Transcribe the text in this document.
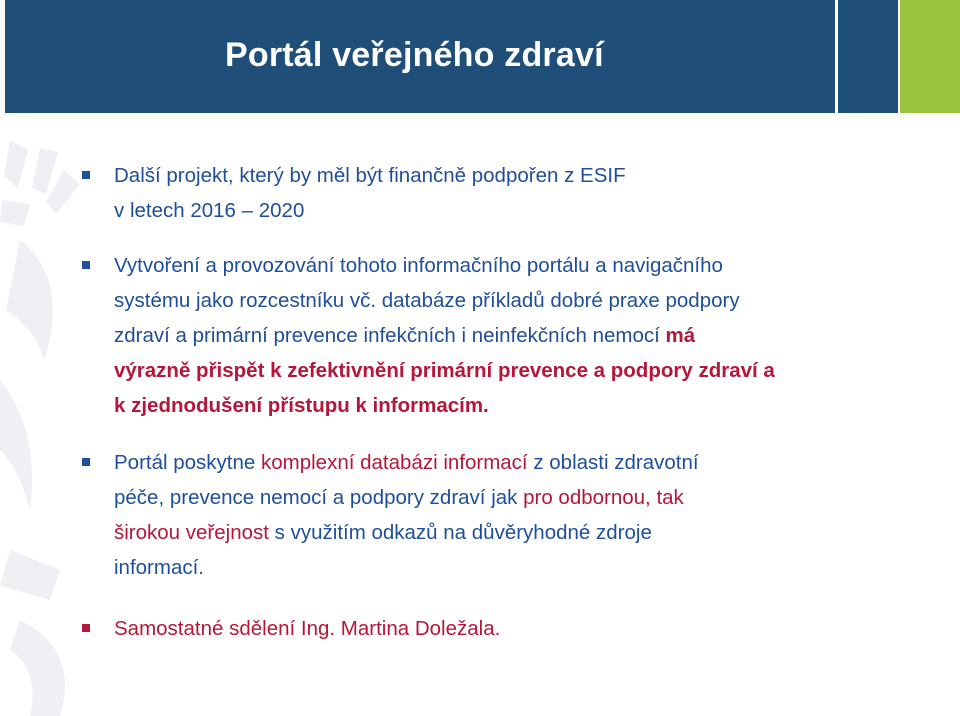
Portál veřejného zdraví
Další projekt, který by měl být finančně podpořen z ESIF
v letech 2016 – 2020
Vytvoření a provozování tohoto informačního portálu a navigačního
systému jako rozcestníku vč. databáze příkladů dobré praxe podpory
zdraví a primární prevence infekčních i neinfekčních nemocí má
výrazně přispět k zefektivnění primární prevence a podpory zdraví a
k zjednodušení přístupu k informacím.
Portál poskytne komplexní databázi informací z oblasti zdravotní
péče, prevence nemocí a podpory zdraví jak pro odbornou, tak
širokou veřejnost s využitím odkazů na důvěryhodné zdroje
informací.
Samostatné sdělení Ing. Martina Doležala.
